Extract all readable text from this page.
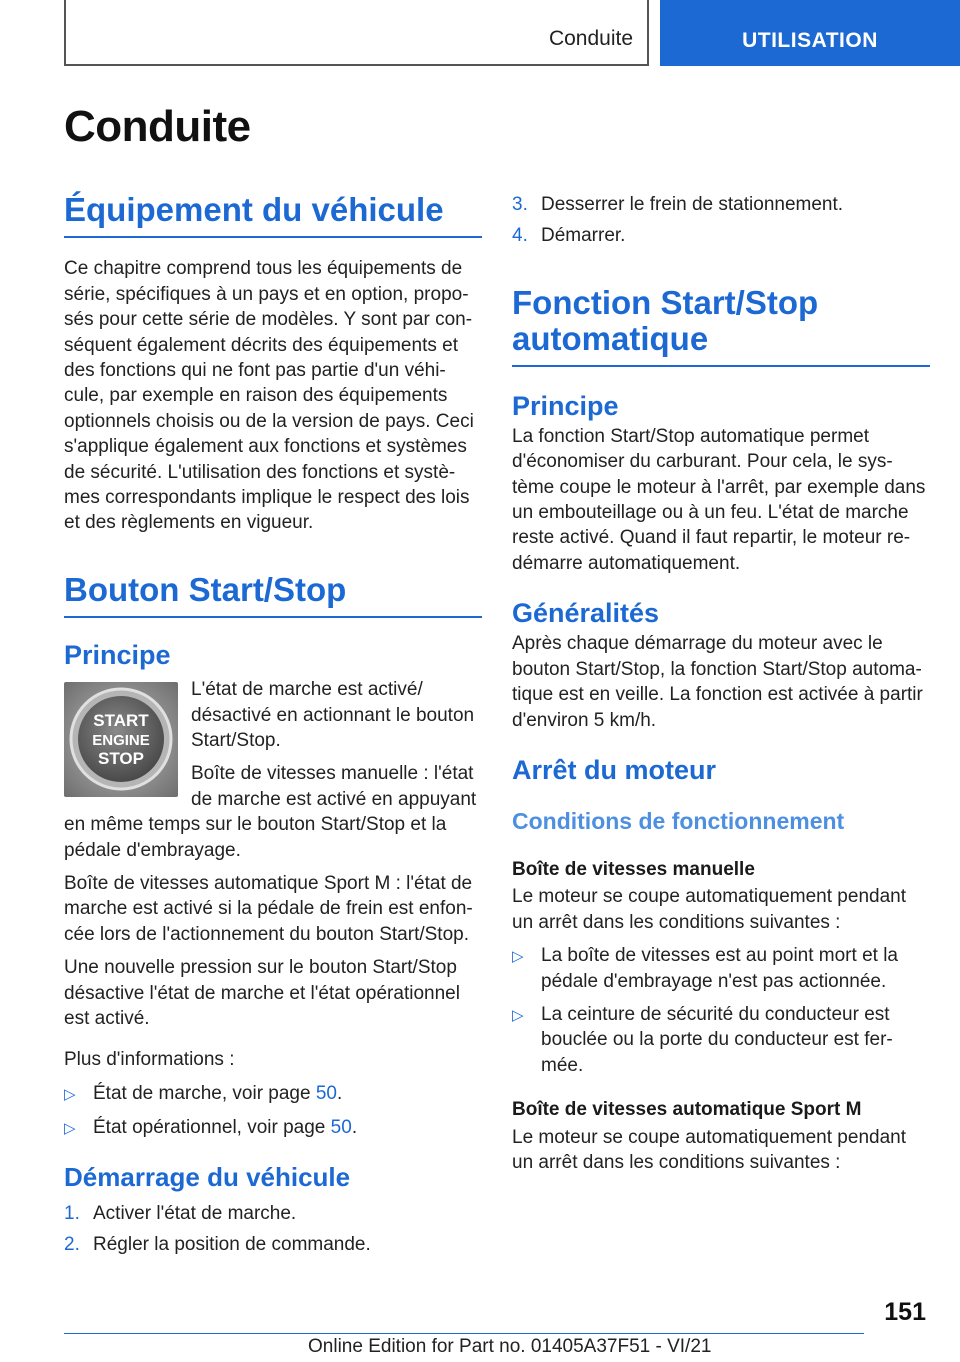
Conduite	UTILISATION
Conduite
Équipement du véhicule

Ce chapitre comprend tous les équipements de série, spécifiques à un pays et en option, propo-sés pour cette série de modèles. Y sont par con-séquent également décrits des équipements et des fonctions qui ne font pas partie d'un véhi-cule, par exemple en raison des équipements optionnels choisis ou de la version de pays. Ceci s'applique également aux fonctions et systèmes de sécurité. L'utilisation des fonctions et systè-mes correspondants implique le respect des lois et des règlements en vigueur.

Bouton Start/Stop
Principe
START
ENGINE
STOP

L'état de marche est activé/ désactivé en actionnant le bouton Start/Stop.

Boîte de vitesses manuelle : l'état de marche est activé en appuyant en même temps sur le bouton Start/Stop et la pédale d'embrayage.

Boîte de vitesses automatique Sport M : l'état de marche est activé si la pédale de frein est enfon-cée lors de l'actionnement du bouton Start/Stop.

Une nouvelle pression sur le bouton Start/Stop désactive l'état de marche et l'état opérationnel est activé.

Plus d'informations :

▷ État de marche, voir page 50.
▷ État opérationnel, voir page 50.
Démarrage du véhicule
1. Activer l'état de marche.
2. Régler la position de commande.
3. Desserrer le frein de stationnement.
4. Démarrer.
Fonction Start/Stop automatique
Principe

La fonction Start/Stop automatique permet d'économiser du carburant. Pour cela, le sys-tème coupe le moteur à l'arrêt, par exemple dans un embouteillage ou à un feu. L'état de marche reste activé. Quand il faut repartir, le moteur re-démarre automatiquement.

Généralités

Après chaque démarrage du moteur avec le bouton Start/Stop, la fonction Start/Stop automa-tique est en veille. La fonction est activée à partir d'environ 5 km/h.

Arrêt du moteur
Conditions de fonctionnement
Boîte de vitesses manuelle

Le moteur se coupe automatiquement pendant un arrêt dans les conditions suivantes :

▷ La boîte de vitesses est au point mort et la pédale d'embrayage n'est pas actionnée.
▷ La ceinture de sécurité du conducteur est bouclée ou la porte du conducteur est fer-mée.
Boîte de vitesses automatique Sport M

Le moteur se coupe automatiquement pendant un arrêt dans les conditions suivantes :

151
Online Edition for Part no. 01405A37F51 - VI/21
